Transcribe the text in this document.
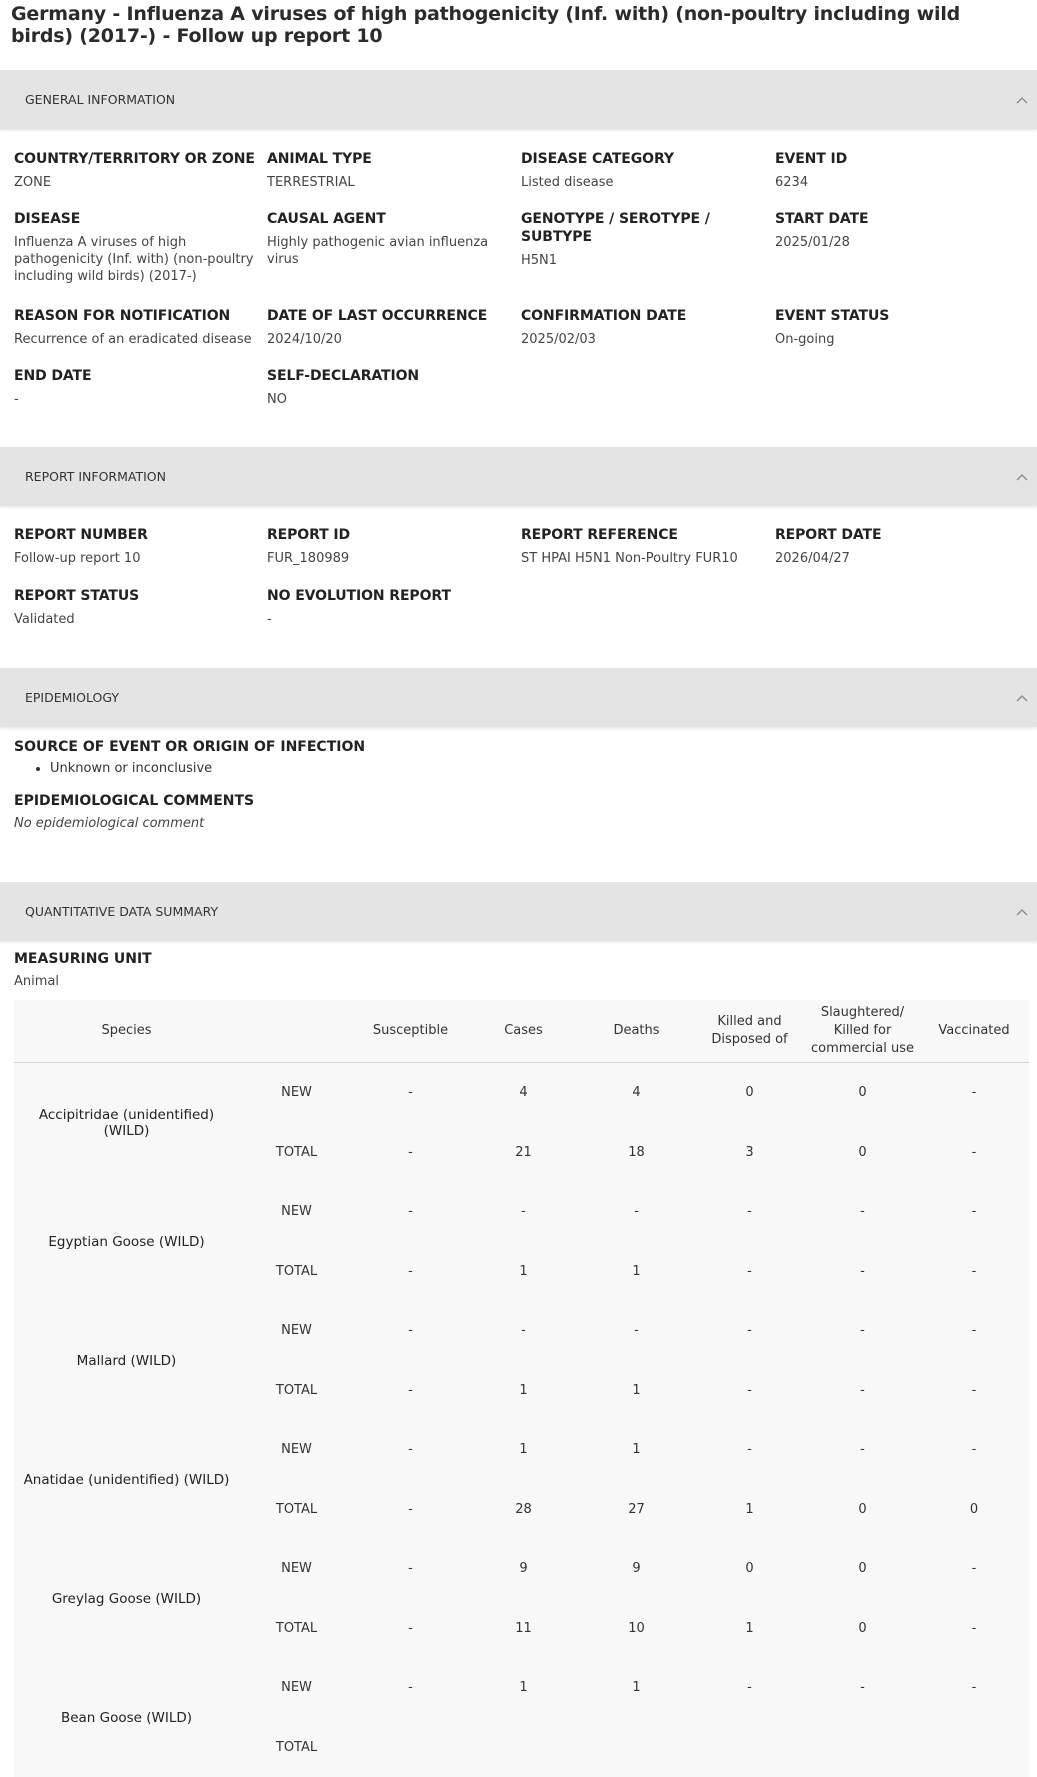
Germany - Influenza A viruses of high pathogenicity (Inf. with) (non-poultry including wild birds) (2017-) - Follow up report 10
GENERAL INFORMATION
COUNTRY/TERRITORY OR ZONE
ZONE
ANIMAL TYPE
TERRESTRIAL
DISEASE CATEGORY
Listed disease
EVENT ID
6234
DISEASE
Influenza A viruses of high pathogenicity (Inf. with) (non-poultry including wild birds) (2017-)
CAUSAL AGENT
Highly pathogenic avian influenza virus
GENOTYPE / SEROTYPE / SUBTYPE
H5N1
START DATE
2025/01/28
REASON FOR NOTIFICATION
Recurrence of an eradicated disease
DATE OF LAST OCCURRENCE
2024/10/20
CONFIRMATION DATE
2025/02/03
EVENT STATUS
On-going
END DATE
-
SELF-DECLARATION
NO
REPORT INFORMATION
REPORT NUMBER
Follow-up report 10
REPORT ID
FUR_180989
REPORT REFERENCE
ST HPAI H5N1 Non-Poultry FUR10
REPORT DATE
2026/04/27
REPORT STATUS
Validated
NO EVOLUTION REPORT
-
EPIDEMIOLOGY
SOURCE OF EVENT OR ORIGIN OF INFECTION
• Unknown or inconclusive
EPIDEMIOLOGICAL COMMENTS
No epidemiological comment
QUANTITATIVE DATA SUMMARY
MEASURING UNIT
Animal
Species		Susceptible	Cases	Deaths	Killed and Disposed of	Slaughtered/ Killed for commercial use	Vaccinated
Accipitridae (unidentified) (WILD)	NEW	-	4	4	0	0	-
	TOTAL	-	21	18	3	0	-
Egyptian Goose (WILD)	NEW	-	-	-	-	-	-
	TOTAL	-	1	1	-	-	-
Mallard (WILD)	NEW	-	-	-	-	-	-
	TOTAL	-	1	1	-	-	-
Anatidae (unidentified) (WILD)	NEW	-	1	1	-	-	-
	TOTAL	-	28	27	1	0	0
Greylag Goose (WILD)	NEW	-	9	9	0	0	-
	TOTAL	-	11	10	1	0	-
Bean Goose (WILD)	NEW	-	1	1	-	-	-
	TOTAL						
